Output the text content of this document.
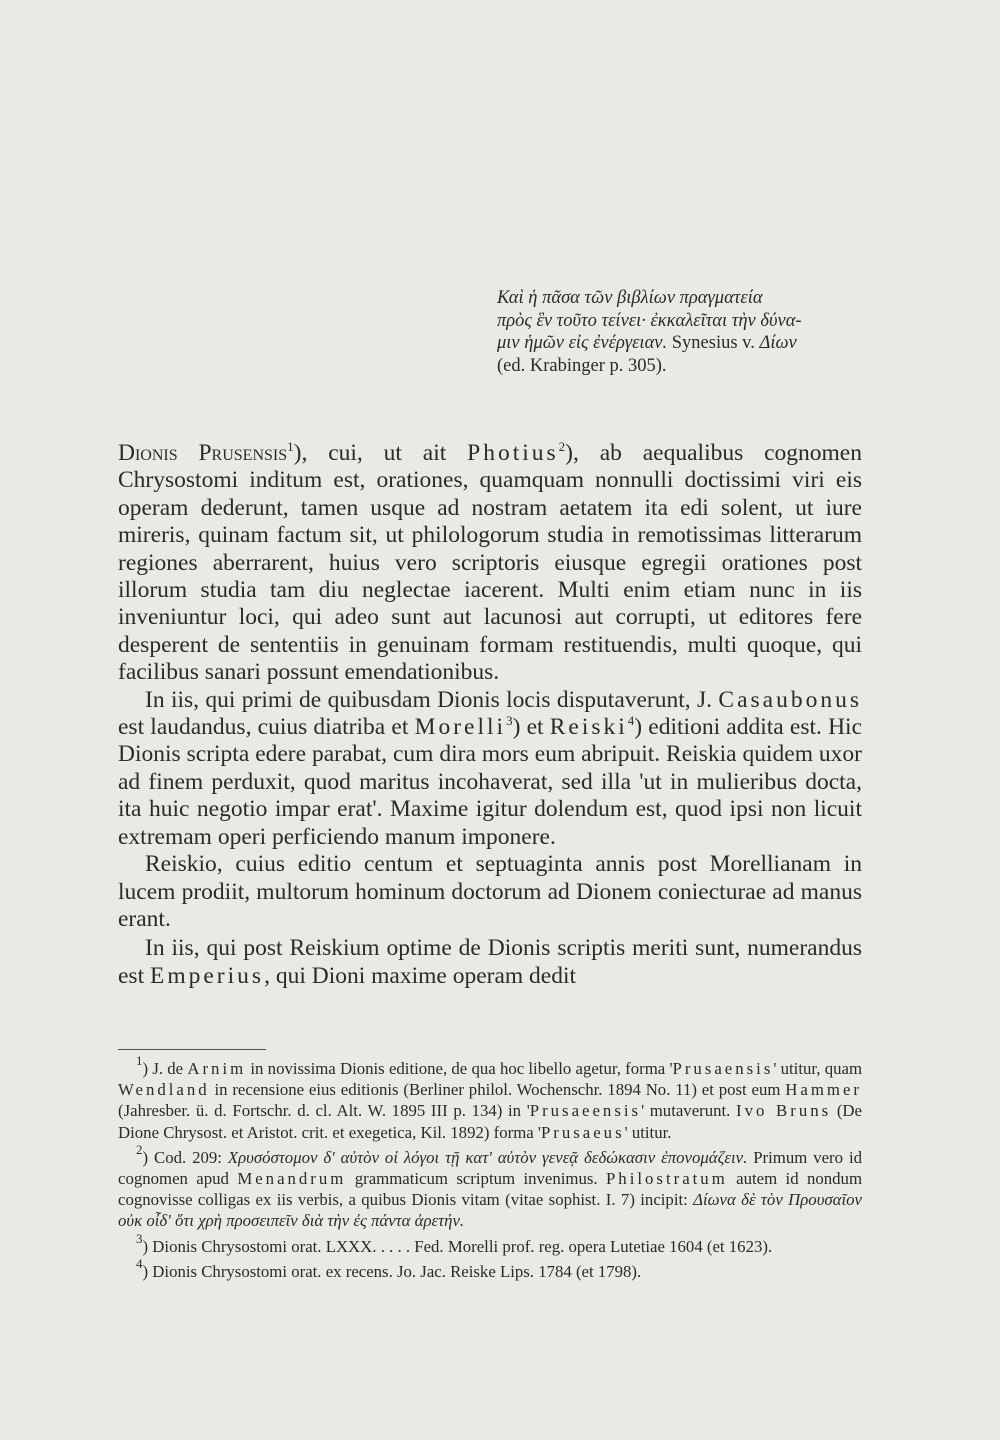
Καὶ ἡ πᾶσα τῶν βιβλίων πραγματεία
πρὸς ἓν τοῦτο τείνει· ἐκκαλεῖται τὴν δύνα-
μιν ἡμῶν εἰς ἐνέργειαν. Synesius v. Δίων
(ed. Krabinger p. 305).

Dionis Prusensis$^1$), cui, ut ait Photius$^2$), ab aequalibus cognomen Chrysostomi inditum est, orationes, quamquam nonnulli doctissimi viri eis operam dederunt, tamen usque ad nostram aetatem ita edi solent, ut iure mireris, quinam factum sit, ut philologorum studia in remotissimas litterarum regiones aberrarent, huius vero scriptoris eiusque egregii orationes post illorum studia tam diu neglectae iacerent. Multi enim etiam nunc in iis inveniuntur loci, qui adeo sunt aut lacunosi aut corrupti, ut editores fere desperent de sententiis in genuinam formam restituendis, multi quoque, qui facilibus sanari possunt emendationibus.

In iis, qui primi de quibusdam Dionis locis disputaverunt, J. Casaubonus est laudandus, cuius diatriba et Morelli$^3$) et Reiski$^4$) editioni addita est. Hic Dionis scripta edere parabat, cum dira mors eum abripuit. Reiskia quidem uxor ad finem perduxit, quod maritus incohaverat, sed illa 'ut in mulieribus docta, ita huic negotio impar erat'. Maxime igitur dolendum est, quod ipsi non licuit extremam operi perficiendo manum imponere.

Reiskio, cuius editio centum et septuaginta annis post Morellianam in lucem prodiit, multorum hominum doctorum ad Dionem coniecturae ad manus erant.

In iis, qui post Reiskium optime de Dionis scriptis meriti sunt, numerandus est Emperius, qui Dioni maxime operam dedit

$^1$) J. de Arnim in novissima Dionis editione, de qua hoc libello agetur, forma 'Prusaensis' utitur, quam Wendland in recensione eius editionis (Berliner philol. Wochenschr. 1894 No. 11) et post eum Hammer (Jahresber. ü. d. Fortschr. d. cl. Alt. W. 1895 III p. 134) in 'Prusaeensis' mutaverunt. Ivo Bruns (De Dione Chrysost. et Aristot. crit. et exegetica, Kil. 1892) forma 'Prusaeus' utitur.

$^2$) Cod. 209: Χρυσόστομον δ' αὐτὸν οἱ λόγοι τῇ κατ' αὐτὸν γενεᾷ δεδώκασιν ἐπονομάζειν. Primum vero id cognomen apud Menandrum grammaticum scriptum invenimus. Philostratum autem id nondum cognovisse colligas ex iis verbis, a quibus Dionis vitam (vitae sophist. I. 7) incipit: Δίωνα δὲ τὸν Προυσαῖον οὐκ οἶδ' ὅτι χρὴ προσειπεῖν διὰ τὴν ἐς πάντα ἀρετήν.

$^3$) Dionis Chrysostomi orat. LXXX. . . . . Fed. Morelli prof. reg. opera Lutetiae 1604 (et 1623).

$^4$) Dionis Chrysostomi orat. ex recens. Jo. Jac. Reiske Lips. 1784 (et 1798).
